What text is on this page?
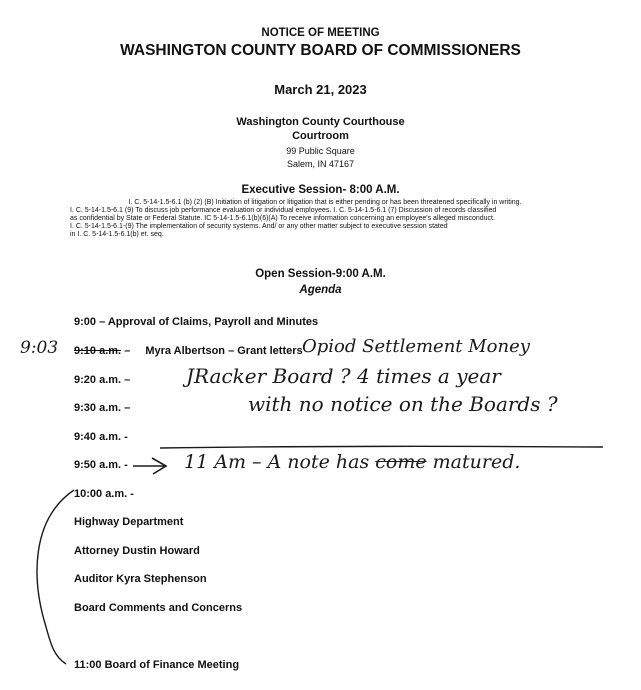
NOTICE OF MEETING
WASHINGTON COUNTY BOARD OF COMMISSIONERS
March 21, 2023
Washington County Courthouse
Courtroom
99 Public Square
Salem, IN 47167
Executive Session- 8:00 A.M.
I. C. 5-14-1.5-6.1 (b) (2) (B) Initiation of litigation or litigation that is either pending or has been threatened specifically in writing.
I. C. 5-14-1.5-6.1 (9) To discuss job performance evaluation or individual employees. I. C. 5-14-1.5-6.1 (7) Discussion of records classified
as confidential by State or Federal Statute. IC 5-14-1.5-6.1(b)(6)(A) To receive information concerning an employee's alleged misconduct.
I. C. 5-14-1.5-6.1-(9) The implementation of security systems. And/ or any other matter subject to executive session stated
in I. C. 5-14-1.5-6.1(b) et. seq.
Open Session-9:00 A.M.
Agenda
9:00 – Approval of Claims, Payroll and Minutes
9:10 a.m. – Myra Albertson – Grant letters
9:20 a.m. –
9:30 a.m. –
9:40 a.m. -
9:50 a.m. -
10:00 a.m. -
Highway Department
Attorney Dustin Howard
Auditor Kyra Stephenson
Board Comments and Concerns
11:00 Board of Finance Meeting
9:03	Opiod Settlement Money
JRacker Board ? 4 times a year
with no notice on the Boards ?
11 Am – A note has come matured.
